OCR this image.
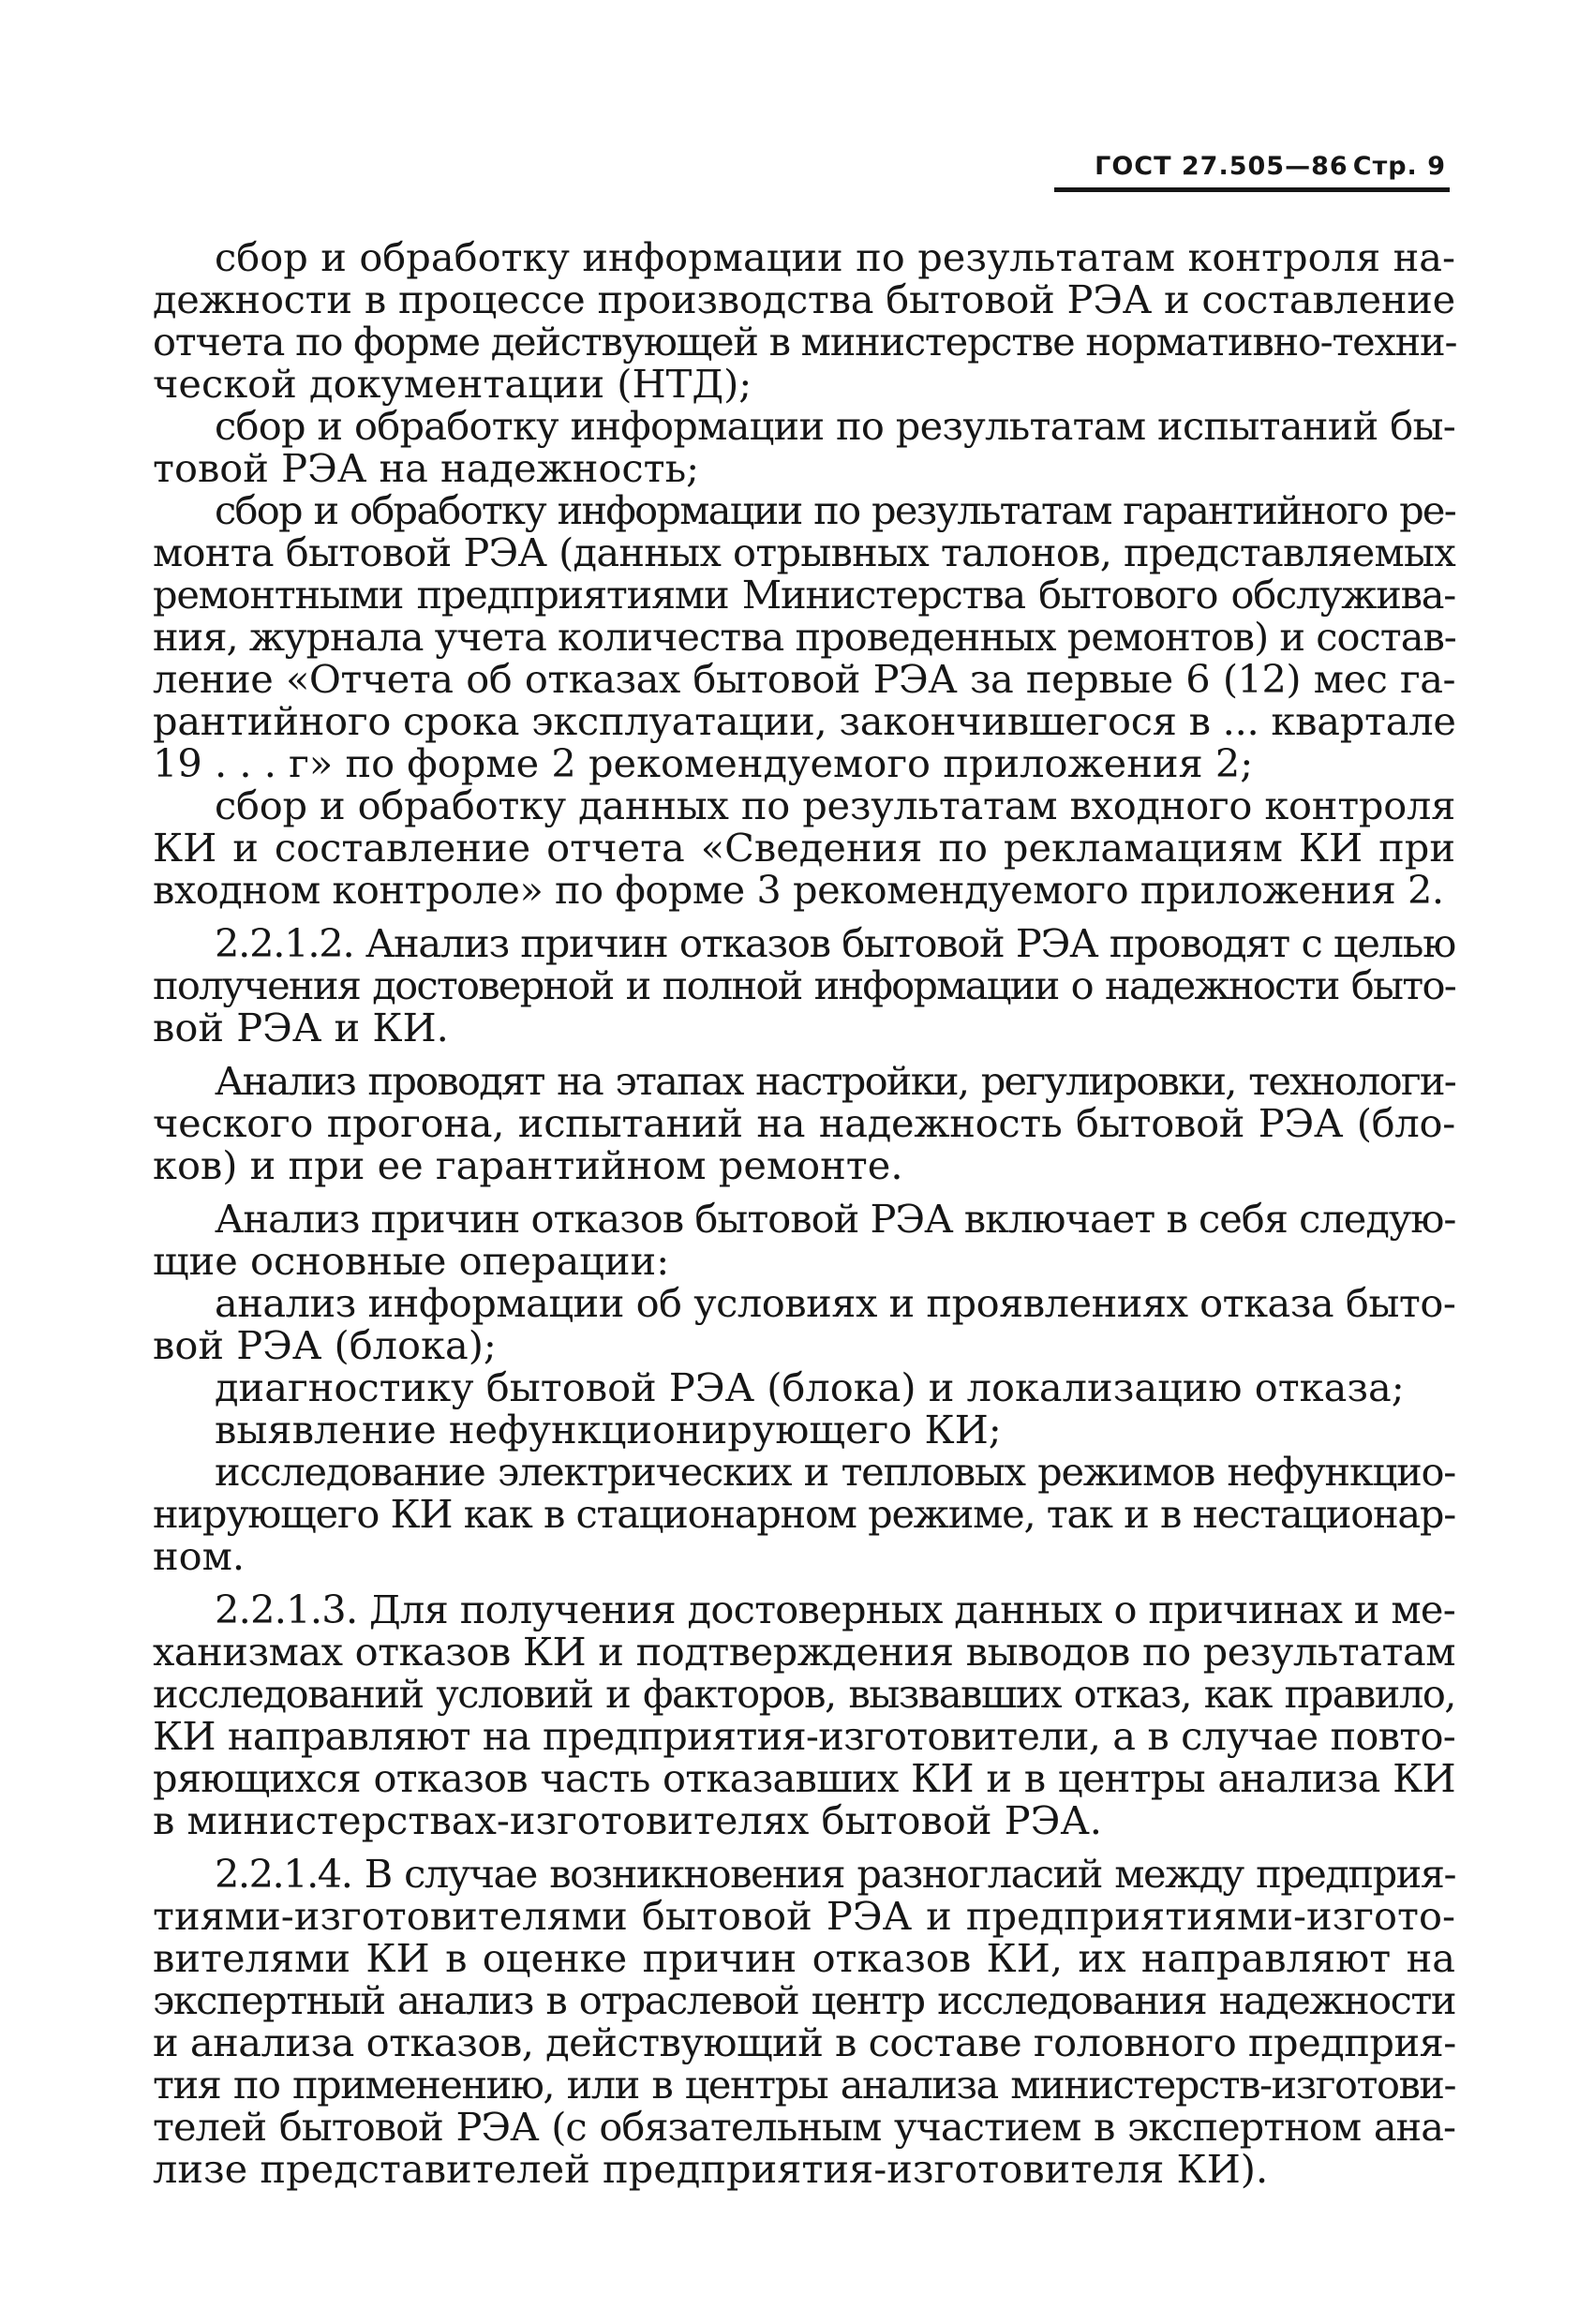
ГОСТ 27.505—86 Стр. 9
сбор и обработку информации по результатам контроля на-
дежности в процессе производства бытовой РЭА и составление
отчета по форме действующей в министерстве нормативно-техни-
ческой документации (НТД);
сбор и обработку информации по результатам испытаний бы-
товой РЭА на надежность;
сбор и обработку информации по результатам гарантийного ре-
монта бытовой РЭА (данных отрывных талонов, представляемых
ремонтными предприятиями Министерства бытового обслужива-
ния, журнала учета количества проведенных ремонтов) и состав-
ление «Отчета об отказах бытовой РЭА за первые 6 (12) мес га-
рантийного срока эксплуатации, закончившегося в ... квартале
19 . . . г» по форме 2 рекомендуемого приложения 2;
сбор и обработку данных по результатам входного контроля
КИ и составление отчета «Сведения по рекламациям КИ при
входном контроле» по форме 3 рекомендуемого приложения 2.
2.2.1.2. Анализ причин отказов бытовой РЭА проводят с целью
получения достоверной и полной информации о надежности быто-
вой РЭА и КИ.
Анализ проводят на этапах настройки, регулировки, технологи-
ческого прогона, испытаний на надежность бытовой РЭА (бло-
ков) и при ее гарантийном ремонте.
Анализ причин отказов бытовой РЭА включает в себя следую-
щие основные операции:
анализ информации об условиях и проявлениях отказа быто-
вой РЭА (блока);
диагностику бытовой РЭА (блока) и локализацию отказа;
выявление нефункционирующего КИ;
исследование электрических и тепловых режимов нефункцио-
нирующего КИ как в стационарном режиме, так и в нестационар-
ном.
2.2.1.3. Для получения достоверных данных о причинах и ме-
ханизмах отказов КИ и подтверждения выводов по результатам
исследований условий и факторов, вызвавших отказ, как правило,
КИ направляют на предприятия-изготовители, а в случае повто-
ряющихся отказов часть отказавших КИ и в центры анализа КИ
в министерствах-изготовителях бытовой РЭА.
2.2.1.4. В случае возникновения разногласий между предприя-
тиями-изготовителями бытовой РЭА и предприятиями-изгото-
вителями КИ в оценке причин отказов КИ, их направляют на
экспертный анализ в отраслевой центр исследования надежности
и анализа отказов, действующий в составе головного предприя-
тия по применению, или в центры анализа министерств-изготови-
телей бытовой РЭА (с обязательным участием в экспертном ана-
лизе представителей предприятия-изготовителя КИ).
